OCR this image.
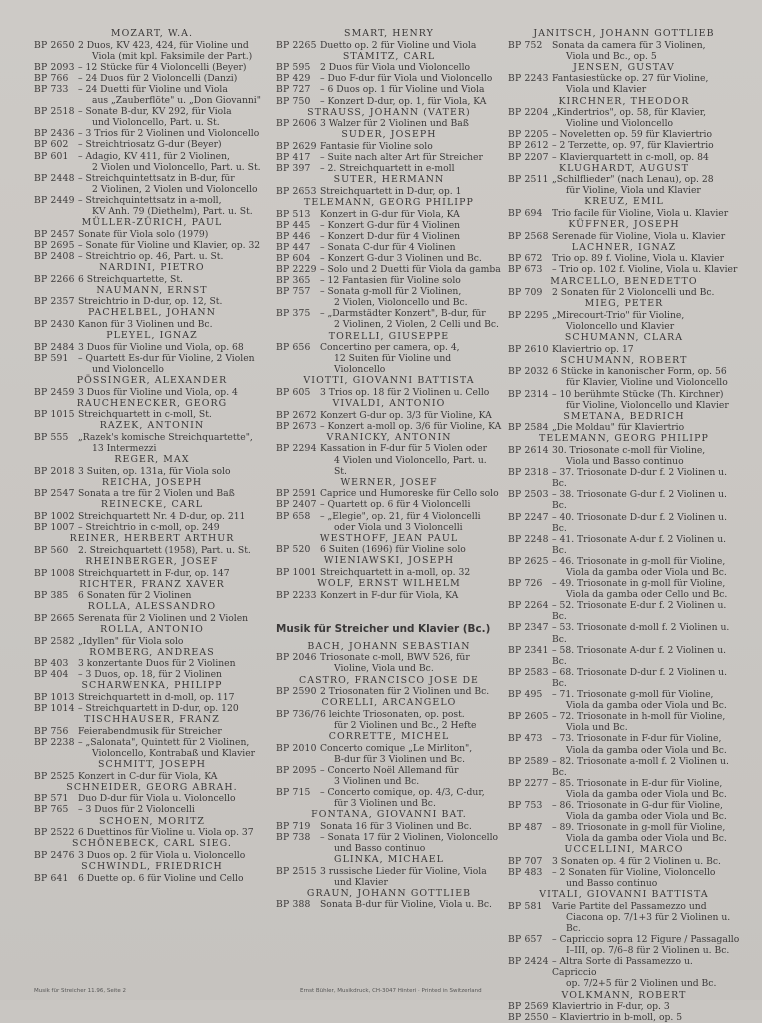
MOZART, W.A.
BP 2650 2 Duos, KV 423, 424, für Violine und
Viola (mit kpl. Faksimile der Part.)
BP 2093 – 12 Stücke für 4 Violoncelli (Beyer)
BP 766	– 24 Duos für 2 Violoncelli (Danzi)
BP 733	– 24 Duetti für Violine und Viola
aus „Zauberflöte" u. „Don Giovanni"
BP 2518 – Sonate B-dur, KV 292, für Viola
und Violoncello, Part. u. St.
BP 2436 – 3 Trios für 2 Violinen und Violoncello
BP 602	– Streichtriosatz G-dur (Beyer)
BP 601	– Adagio, KV 411, für 2 Violinen,
2 Violen und Violoncello, Part. u. St.
BP 2448 – Streichquintettsatz in B-dur, für
2 Violinen, 2 Violen und Violoncello
BP 2449 – Streichquintettsatz in a-moll,
KV Anh. 79 (Diethelm), Part. u. St.
MÜLLER-ZÜRICH, PAUL
BP 2457 Sonate für Viola solo (1979)
BP 2695 – Sonate für Violine und Klavier, op. 32
BP 2408 – Streichtrio op. 46, Part. u. St.
NARDINI, PIETRO
BP 2266 6 Streichquartette, St.
NAUMANN, ERNST
BP 2357 Streichtrio in D-dur, op. 12, St.
PACHELBEL, JOHANN
BP 2430 Kanon für 3 Violinen und Bc.
PLEYEL, IGNAZ
BP 2484 3 Duos für Violine und Viola, op. 68
BP 591	– Quartett Es-dur für Violine, 2 Violen
und Violoncello
PÖSSINGER, ALEXANDER
BP 2459 3 Duos für Violine und Viola, op. 4
RAUCHENECKER, GEORG
BP 1015 Streichquartett in c-moll, St.
RAZEK, ANTONIN
BP 555	„Razek's komische Streichquartette",
13 Intermezzi
REGER, MAX
BP 2018 3 Suiten, op. 131a, für Viola solo
REICHA, JOSEPH
BP 2547 Sonata a tre für 2 Violen und Baß
REINECKE, CARL
BP 1002 Streichquartett Nr. 4 D-dur, op. 211
BP 1007 – Streichtrio in c-moll, op. 249
REINER, HERBERT ARTHUR
BP 560	2. Streichquartett (1958), Part. u. St.
RHEINBERGER, JOSEF
BP 1008 Streichquartett in F-dur, op. 147
RICHTER, FRANZ XAVER
BP 385	6 Sonaten für 2 Violinen
ROLLA, ALESSANDRO
BP 2665 Serenata für 2 Violinen und 2 Violen
ROLLA, ANTONIO
BP 2582 „Idyllen" für Viola solo
ROMBERG, ANDREAS
BP 403	3 konzertante Duos für 2 Violinen
BP 404	– 3 Duos, op. 18, für 2 Violinen
SCHARWENKA, PHILIPP
BP 1013 Streichquartett in d-moll, op. 117
BP 1014 – Streichquartett in D-dur, op. 120
TISCHHAUSER, FRANZ
BP 756	Feierabendmusik für Streicher
BP 2238 – „Salonata", Quintett für 2 Violinen,
Violoncello, Kontrabaß und Klavier
SCHMITT, JOSEPH
BP 2525 Konzert in C-dur für Viola, KA
SCHNEIDER, GEORG ABRAH.
BP 571	Duo D-dur für Viola u. Violoncello
BP 765	– 3 Duos für 2 Violoncelli
SCHOEN, MORITZ
BP 2522 6 Duettinos für Violine u. Viola op. 37
SCHÖNEBECK, CARL SIEG.
BP 2476 3 Duos op. 2 für Viola u. Violoncello
SCHWINDL, FRIEDRICH
BP 641	6 Duette op. 6 für Violine und Cello
SMART, HENRY
BP 2265 Duetto op. 2 für Violine und Viola
STAMITZ, CARL
BP 595	2 Duos für Viola und Violoncello
BP 429	– Duo F-dur für Viola und Violoncello
BP 727	– 6 Duos op. 1 für Violine und Viola
BP 750	– Konzert D-dur, op. 1, für Viola, KA
STRAUSS, JOHANN (VATER)
BP 2606 3 Walzer für 2 Violinen und Baß
SUDER, JOSEPH
BP 2629 Fantasie für Violine solo
BP 417	– Suite nach alter Art für Streicher
BP 397	– 2. Streichquartett in e-moll
SUTER, HERMANN
BP 2653 Streichquartett in D-dur, op. 1
TELEMANN, GEORG PHILIPP
BP 513	Konzert in G-dur für Viola, KA
BP 445	– Konzert G-dur für 4 Violinen
BP 446	– Konzert D-dur für 4 Violinen
BP 447	– Sonata C-dur für 4 Violinen
BP 604	– Konzert G-dur 3 Violinen und Bc.
BP 2229 – Solo und 2 Duetti für Viola da gamba
BP 365	– 12 Fantasien für Violine solo
BP 757	– Sonata g-moll für 2 Violinen,
2 Violen, Violoncello und Bc.
BP 375	– „Darmstädter Konzert", B-dur, für
2 Violinen, 2 Violen, 2 Celli und Bc.
TORELLI, GIUSEPPE
BP 656	Concertino per camera, op. 4,
12 Suiten für Violine und Violoncello
VIOTTI, GIOVANNI BATTISTA
BP 605	3 Trios op. 18 für 2 Violinen u. Cello
VIVALDI, ANTONIO
BP 2672 Konzert G-dur op. 3/3 für Violine, KA
BP 2673 – Konzert a-moll op. 3/6 für Violine, KA
VRANICKY, ANTONIN
BP 2294 Kassation in F-dur für 5 Violen oder
4 Violen und Violoncello, Part. u. St.
WERNER, JOSEF
BP 2591 Caprice und Humoreske für Cello solo
BP 2407 – Quartett op. 6 für 4 Violoncelli
BP 658	– „Elegie", op. 21, für 4 Violoncelli
oder Viola und 3 Violoncelli
WESTHOFF, JEAN PAUL
BP 520	6 Suiten (1696) für Violine solo
WIENIAWSKI, JOSEPH
BP 1001 Streichquartett in a-moll, op. 32
WOLF, ERNST WILHELM
BP 2233 Konzert in F-dur für Viola, KA
Musik für Streicher und Klavier (Bc.)
BACH, JOHANN SEBASTIAN
BP 2046 Triosonate c-moll, BWV 526, für
Violine, Viola und Bc.
CASTRO, FRANCISCO JOSE DE
BP 2590 2 Triosonaten für 2 Violinen und Bc.
CORELLI, ARCANGELO
BP 736/7 6 leichte Triosonaten, op. post.
für 2 Violinen und Bc., 2 Hefte
CORRETTE, MICHEL
BP 2010 Concerto comique „Le Mirliton",
B-dur für 3 Violinen und Bc.
BP 2095 – Concerto Noël Allemand für
3 Violinen und Bc.
BP 715	– Concerto comique, op. 4/3, C-dur,
für 3 Violinen und Bc.
FONTANA, GIOVANNI BAT.
BP 719	Sonata 16 für 3 Violinen und Bc.
BP 738	– Sonata 17 für 2 Violinen, Violoncello
und Basso continuo
GLINKA, MICHAEL
BP 2515 3 russische Lieder für Violine, Viola
und Klavier
GRAUN, JOHANN GOTTLIEB
BP 388	Sonata B-dur für Violine, Viola u. Bc.
JANITSCH, JOHANN GOTTLIEB
BP 752	Sonata da camera für 3 Violinen,
Viola und Bc., op. 5
JENSEN, GUSTAV
BP 2243 Fantasiestücke op. 27 für Violine,
Viola und Klavier
KIRCHNER, THEODOR
BP 2204 „Kindertrios", op. 58, für Klavier,
Violine und Violoncello
BP 2205 – Noveletten op. 59 für Klaviertrio
BP 2612 – 2 Terzette, op. 97, für Klaviertrio
BP 2207 – Klavierquartett in c-moll, op. 84
KLUGHARDT, AUGUST
BP 2511 „Schilflieder" (nach Lenau), op. 28
für Violine, Viola und Klavier
KREUZ, EMIL
BP 694	Trio facile für Violine, Viola u. Klavier
KÜFFNER, JOSEPH
BP 2568 Serenade für Violine, Viola u. Klavier
LACHNER, IGNAZ
BP 672	Trio op. 89 f. Violine, Viola u. Klavier
BP 673	– Trio op. 102 f. Violine, Viola u. Klavier
MARCELLO, BENEDETTO
BP 709	2 Sonaten für 2 Violoncelli und Bc.
MIEG, PETER
BP 2295 „Mirecourt-Trio" für Violine,
Violoncello und Klavier
SCHUMANN, CLARA
BP 2610 Klaviertrio op. 17
SCHUMANN, ROBERT
BP 2032 6 Stücke in kanonischer Form, op. 56
für Klavier, Violine und Violoncello
BP 2314 – 10 berühmte Stücke (Th. Kirchner)
für Violine, Violoncello und Klavier
SMETANA, BEDRICH
BP 2584 „Die Moldau" für Klaviertrio
TELEMANN, GEORG PHILIPP
BP 2614 30. Triosonate c-moll für Violine,
Viola und Basso continuo
BP 2318 – 37. Triosonate D-dur f. 2 Violinen u. Bc.
BP 2503 – 38. Triosonate G-dur f. 2 Violinen u. Bc.
BP 2247 – 40. Triosonate D-dur f. 2 Violinen u. Bc.
BP 2248 – 41. Triosonate A-dur f. 2 Violinen u. Bc.
BP 2625 – 46. Triosonate in g-moll für Violine,
Viola da gamba oder Viola und Bc.
BP 726	– 49. Triosonate in g-moll für Violine,
Viola da gamba oder Cello und Bc.
BP 2264 – 52. Triosonate E-dur f. 2 Violinen u. Bc.
BP 2347 – 53. Triosonate d-moll f. 2 Violinen u. Bc.
BP 2341 – 58. Triosonate A-dur f. 2 Violinen u. Bc.
BP 2583 – 68. Triosonate D-dur f. 2 Violinen u. Bc.
BP 495	– 71. Triosonate g-moll für Violine,
Viola da gamba oder Viola und Bc.
BP 2605 – 72. Triosonate in h-moll für Violine,
Viola und Bc.
BP 473	– 73. Triosonate in F-dur für Violine,
Viola da gamba oder Viola und Bc.
BP 2589 – 82. Triosonate a-moll f. 2 Violinen u. Bc.
BP 2277 – 85. Triosonate in E-dur für Violine,
Viola da gamba oder Viola und Bc.
BP 753	– 86. Triosonate in G-dur für Violine,
Viola da gamba oder Viola und Bc.
BP 487	– 89. Triosonate in g-moll für Violine,
Viola da gamba oder Viola und Bc.
UCCELLINI, MARCO
BP 707	3 Sonaten op. 4 für 2 Violinen u. Bc.
BP 483	– 2 Sonaten für Violine, Violoncello
und Basso continuo
VITALI, GIOVANNI BATTISTA
BP 581	Varie Partite del Passamezzo und
Ciacona op. 7/1+3 für 2 Violinen u. Bc.
BP 657	– Capriccio sopra 12 Figure / Passagallo
I–III, op. 7/6–8 für 2 Violinen u. Bc.
BP 2424 – Altra Sorte di Passamezzo u. Capriccio
op. 7/2+5 für 2 Violinen und Bc.
VOLKMANN, ROBERT
BP 2569 Klaviertrio in F-dur, op. 3
BP 2550 – Klaviertrio in b-moll, op. 5
Musik für Streicher 11.96, Seite 2	Ernst Bühler, Musikdruck, CH-3047 Hinteri · Printed in Switzerland
